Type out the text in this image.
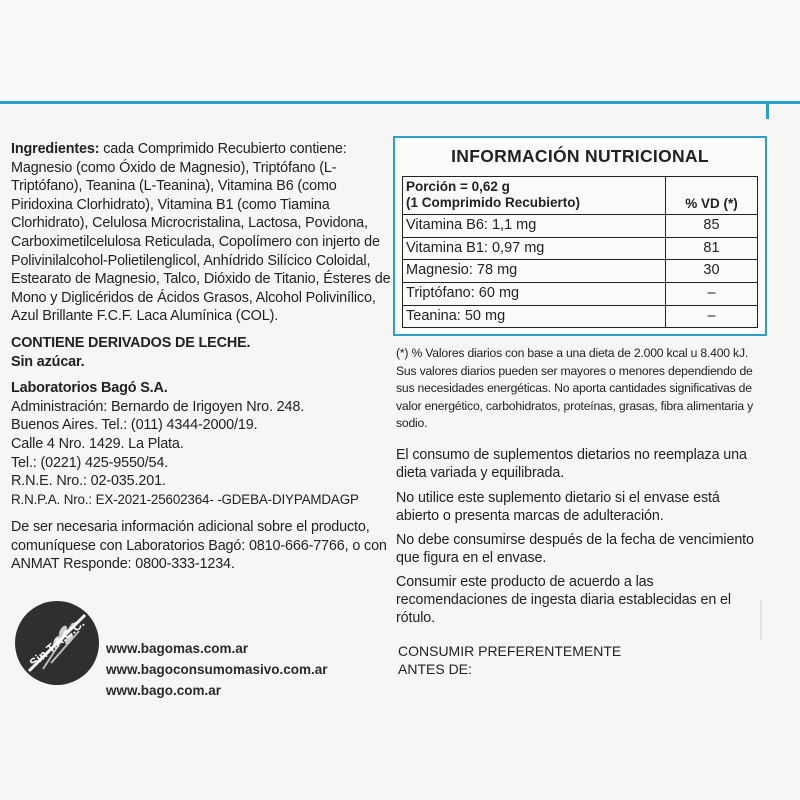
Ingredientes: cada Comprimido Recubierto contiene: Magnesio (como Óxido de Magnesio), Triptófano (L-Triptófano), Teanina (L-Teanina), Vitamina B6 (como Piridoxina Clorhidrato), Vitamina B1 (como Tiamina Clorhidrato), Celulosa Microcristalina, Lactosa, Povidona, Carboximetilcelulosa Reticulada, Copolímero con injerto de Polivinilalcohol-Polietilenglicol, Anhídrido Silícico Coloidal, Estearato de Magnesio, Talco, Dióxido de Titanio, Ésteres de Mono y Diglicéridos de Ácidos Grasos, Alcohol Polivinílico, Azul Brillante F.C.F. Laca Alumínica (COL).

CONTIENE DERIVADOS DE LECHE.

Sin azúcar.

Laboratorios Bagó S.A.

Administración: Bernardo de Irigoyen Nro. 248.

Buenos Aires. Tel.: (011) 4344-2000/19.

Calle 4 Nro. 1429. La Plata.

Tel.: (0221) 425-9550/54.

R.N.E. Nro.: 02-035.201.

R.N.P.A. Nro.: EX-2021-25602364- -GDEBA-DIYPAMDAGP

De ser necesaria información adicional sobre el producto, comuníquese con Laboratorios Bagó: 0810-666-7766, o con ANMAT Responde: 0800-333-1234.

Sin T.A.C.C.	www.bagomas.com.ar
www.bagoconsumomasivo.com.ar
www.bago.com.ar
INFORMACIÓN NUTRICIONAL
Porción = 0,62 g
(1 Comprimido Recubierto)	% VD (*)
Vitamina B6: 1,1 mg	85
Vitamina B1: 0,97 mg	81
Magnesio: 78 mg	30
Triptófano: 60 mg	–
Teanina: 50 mg	–
(*) % Valores diarios con base a una dieta de 2.000 kcal u 8.400 kJ. Sus valores diarios pueden ser mayores o menores dependiendo de sus necesidades energéticas. No aporta cantidades significativas de valor energético, carbohidratos, proteínas, grasas, fibra alimentaria y sodio.
El consumo de suplementos dietarios no reemplaza una dieta variada y equilibrada.
No utilice este suplemento dietario si el envase está abierto o presenta marcas de adulteración.
No debe consumirse después de la fecha de vencimiento que figura en el envase.
Consumir este producto de acuerdo a las recomendaciones de ingesta diaria establecidas en el rótulo.
CONSUMIR PREFERENTEMENTE
ANTES DE:
